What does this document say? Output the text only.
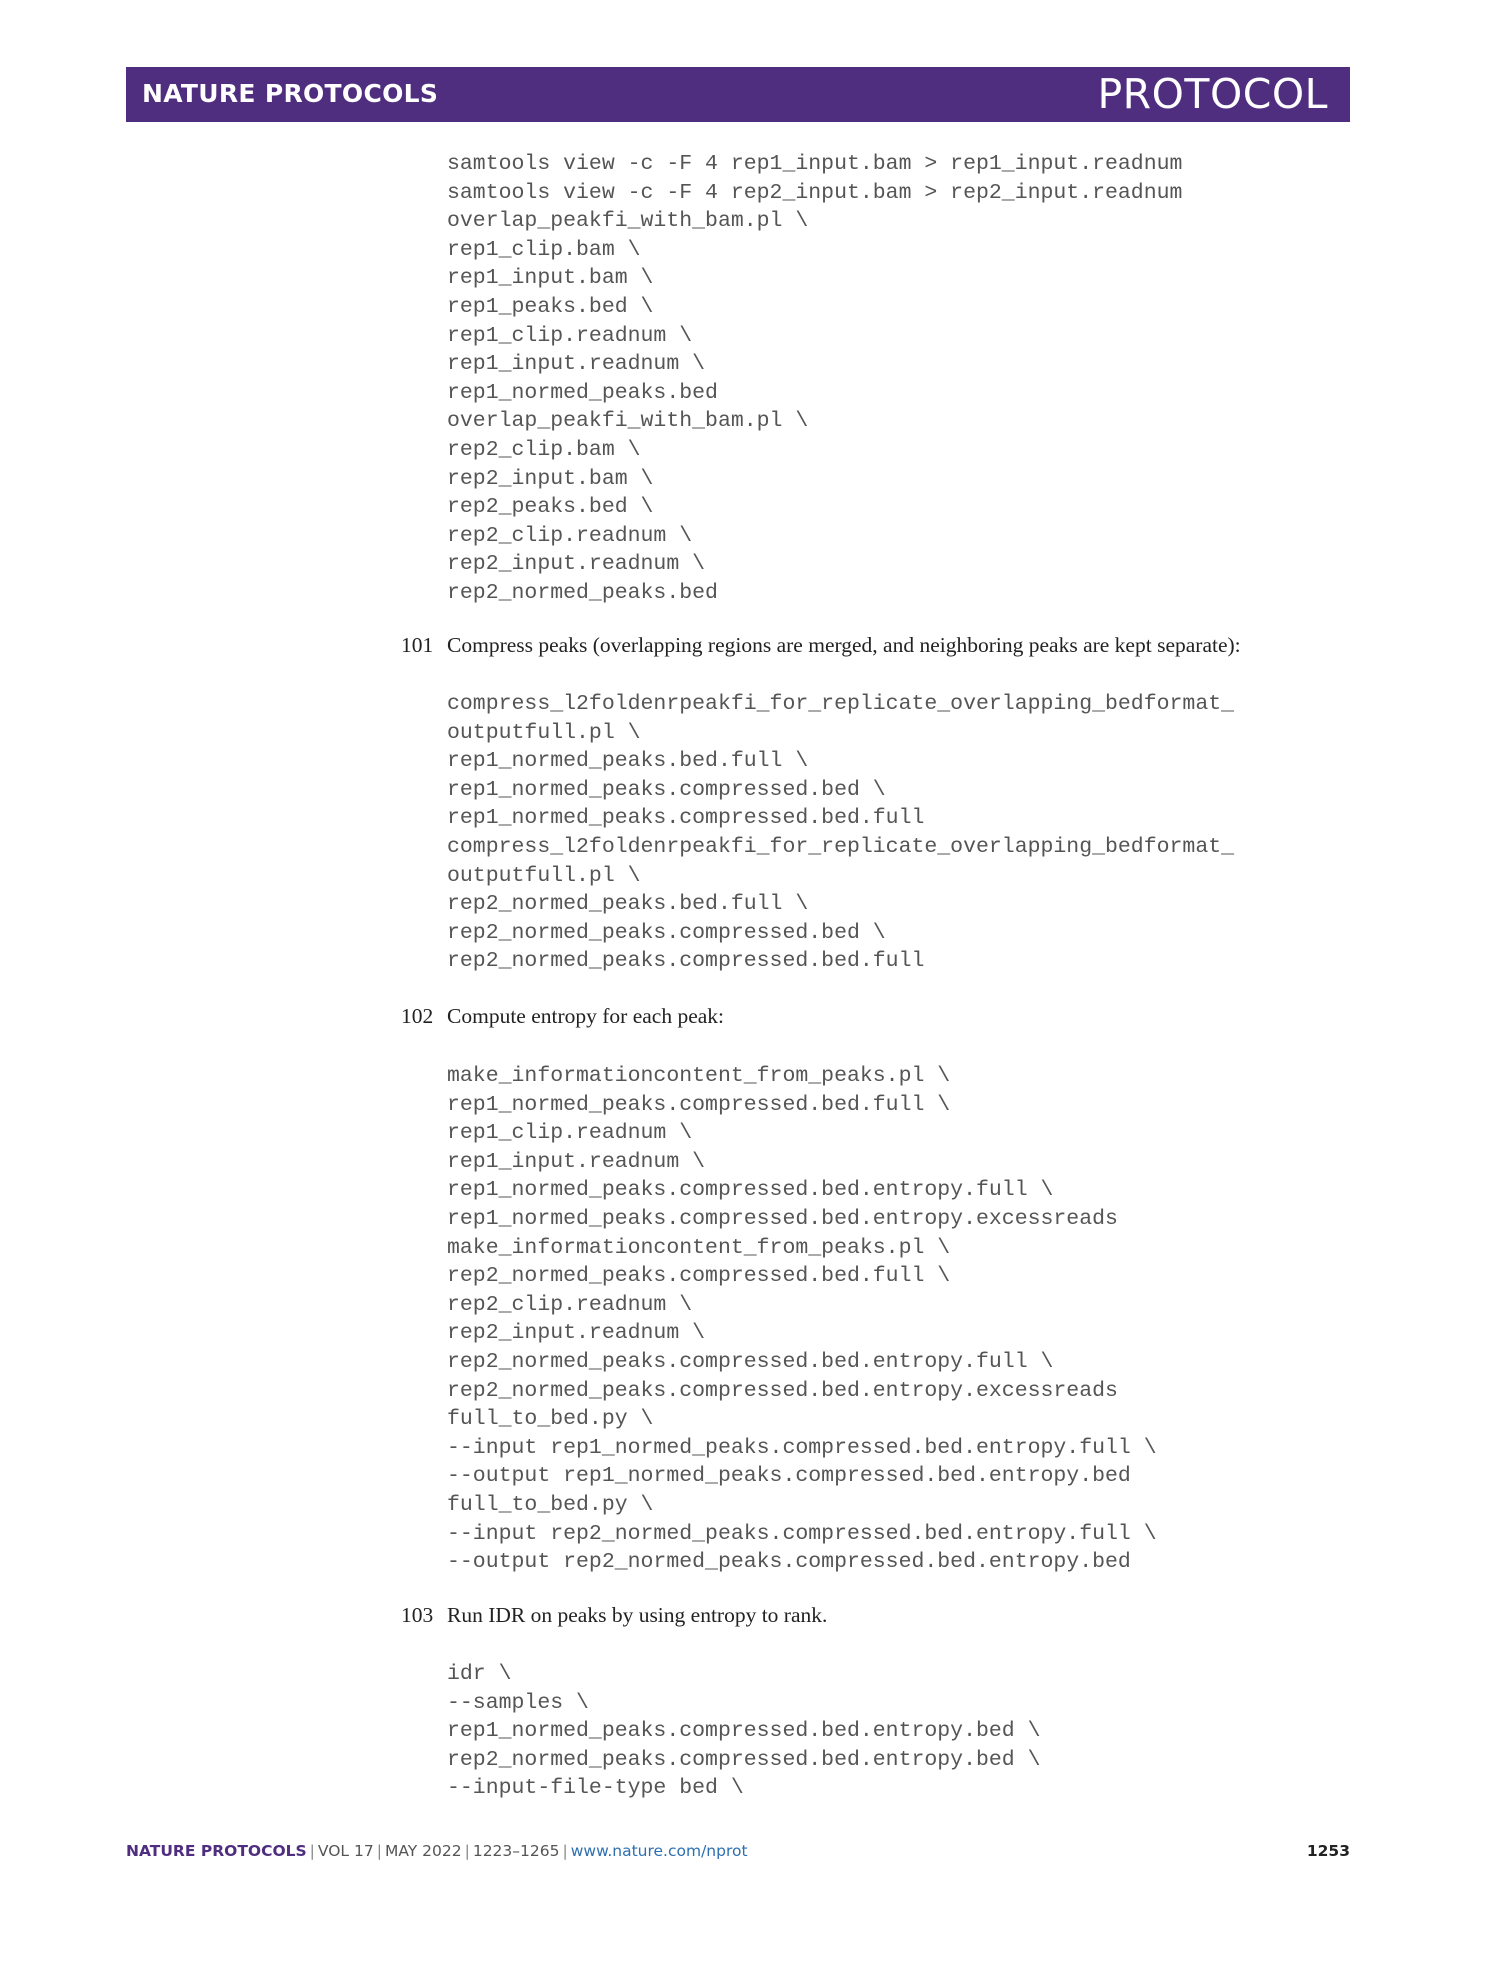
NATURE PROTOCOLS	PROTOCOL
samtools view -c -F 4 rep1_input.bam > rep1_input.readnum
samtools view -c -F 4 rep2_input.bam > rep2_input.readnum
overlap_peakfi_with_bam.pl \
rep1_clip.bam \
rep1_input.bam \
rep1_peaks.bed \
rep1_clip.readnum \
rep1_input.readnum \
rep1_normed_peaks.bed
overlap_peakfi_with_bam.pl \
rep2_clip.bam \
rep2_input.bam \
rep2_peaks.bed \
rep2_clip.readnum \
rep2_input.readnum \
rep2_normed_peaks.bed
101 Compress peaks (overlapping regions are merged, and neighboring peaks are kept separate):
compress_l2foldenrpeakfi_for_replicate_overlapping_bedformat_
outputfull.pl \
rep1_normed_peaks.bed.full \
rep1_normed_peaks.compressed.bed \
rep1_normed_peaks.compressed.bed.full
compress_l2foldenrpeakfi_for_replicate_overlapping_bedformat_
outputfull.pl \
rep2_normed_peaks.bed.full \
rep2_normed_peaks.compressed.bed \
rep2_normed_peaks.compressed.bed.full
102 Compute entropy for each peak:
make_informationcontent_from_peaks.pl \
rep1_normed_peaks.compressed.bed.full \
rep1_clip.readnum \
rep1_input.readnum \
rep1_normed_peaks.compressed.bed.entropy.full \
rep1_normed_peaks.compressed.bed.entropy.excessreads
make_informationcontent_from_peaks.pl \
rep2_normed_peaks.compressed.bed.full \
rep2_clip.readnum \
rep2_input.readnum \
rep2_normed_peaks.compressed.bed.entropy.full \
rep2_normed_peaks.compressed.bed.entropy.excessreads
full_to_bed.py \
--input rep1_normed_peaks.compressed.bed.entropy.full \
--output rep1_normed_peaks.compressed.bed.entropy.bed
full_to_bed.py \
--input rep2_normed_peaks.compressed.bed.entropy.full \
--output rep2_normed_peaks.compressed.bed.entropy.bed
103 Run IDR on peaks by using entropy to rank.
idr \
--samples \
rep1_normed_peaks.compressed.bed.entropy.bed \
rep2_normed_peaks.compressed.bed.entropy.bed \
--input-file-type bed \
NATURE PROTOCOLS | VOL 17 | MAY 2022 | 1223–1265 | www.nature.com/nprot	1253
